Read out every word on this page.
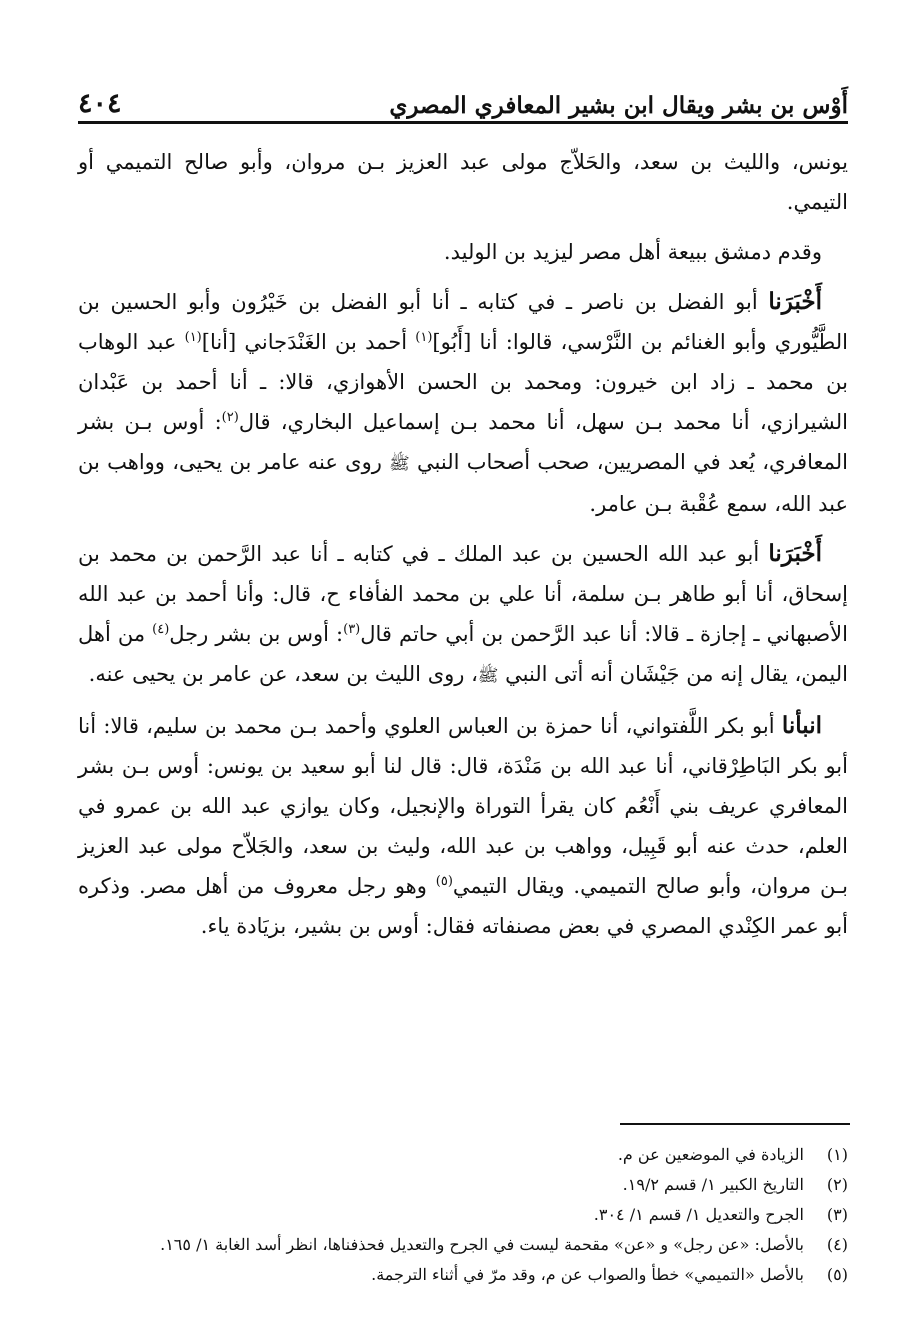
أَوْس بن بشر ويقال ابن بشير المعافري المصري
٤٠٤

يونس، والليث بن سعد، والحَلاّج مولى عبد العزيز بـن مروان، وأبو صالح التميمي أو التيمي.

وقدم دمشق ببيعة أهل مصر ليزيد بن الوليد.

أَخْبَرَنا أبو الفضل بن ناصر ـ في كتابه ـ أنا أبو الفضل بن خَيْرُون وأبو الحسين بن الطَّيُّوري وأبو الغنائم بن النَّرْسي، قالوا: أنا [أَبُو]$^{(١)}$ أحمد بن الغَنْدَجاني [أنا]$^{(١)}$ عبد الوهاب بن محمد ـ زاد ابن خيرون: ومحمد بن الحسن الأهوازي، قالا: ـ أنا أحمد بن عَبْدان الشيرازي، أنا محمد بـن سهل، أنا محمد بـن إسماعيل البخاري، قال$^{(٢)}$: أوس بـن بشر المعافري، يُعد في المصريين، صحب أصحاب النبي ﷺ روى عنه عامر بن يحيى، وواهب بن عبد الله، سمع عُقْبة بـن عامر.

أَخْبَرَنا أبو عبد الله الحسين بن عبد الملك ـ في كتابه ـ أنا عبد الرَّحمن بن محمد بن إسحاق، أنا أبو طاهر بـن سلمة، أنا علي بن محمد الفأفاء ح، قال: وأنا أحمد بن عبد الله الأصبهاني ـ إجازة ـ قالا: أنا عبد الرَّحمن بن أبي حاتم قال$^{(٣)}$: أوس بن بشر رجل$^{(٤)}$ من أهل اليمن، يقال إنه من جَيْشَان أنه أتى النبي ﷺ، روى الليث بن سعد، عن عامر بن يحيى عنه.

انبأنا أبو بكر اللَّفتواني، أنا حمزة بن العباس العلوي وأحمد بـن محمد بن سليم، قالا: أنا أبو بكر البَاطِرْقاني، أنا عبد الله بن مَنْدَة، قال: قال لنا أبو سعيد بن يونس: أوس بـن بشر المعافري عريف بني أَنْعُم كان يقرأ التوراة والإنجيل، وكان يوازي عبد الله بن عمرو في العلم، حدث عنه أبو قَبِيل، وواهب بن عبد الله، وليث بن سعد، والجَلاّح مولى عبد العزيز بـن مروان، وأبو صالح التميمي. ويقال التيمي$^{(٥)}$ وهو رجل معروف من أهل مصر. وذكره أبو عمر الكِنْدي المصري في بعض مصنفاته فقال: أوس بن بشير، بزيَادة ياء.

(١)
الزيادة في الموضعين عن م.
(٢)
التاريخ الكبير ١/ قسم ١٩/٢.
(٣)
الجرح والتعديل ١/ قسم ١/ ٣٠٤.
(٤)
بالأصل: «عن رجل» و «عن» مقحمة ليست في الجرح والتعديل فحذفناها، انظر أسد الغابة ١/ ١٦٥.
(٥)
بالأصل «التميمي» خطأ والصواب عن م، وقد مرّ في أثناء الترجمة.
